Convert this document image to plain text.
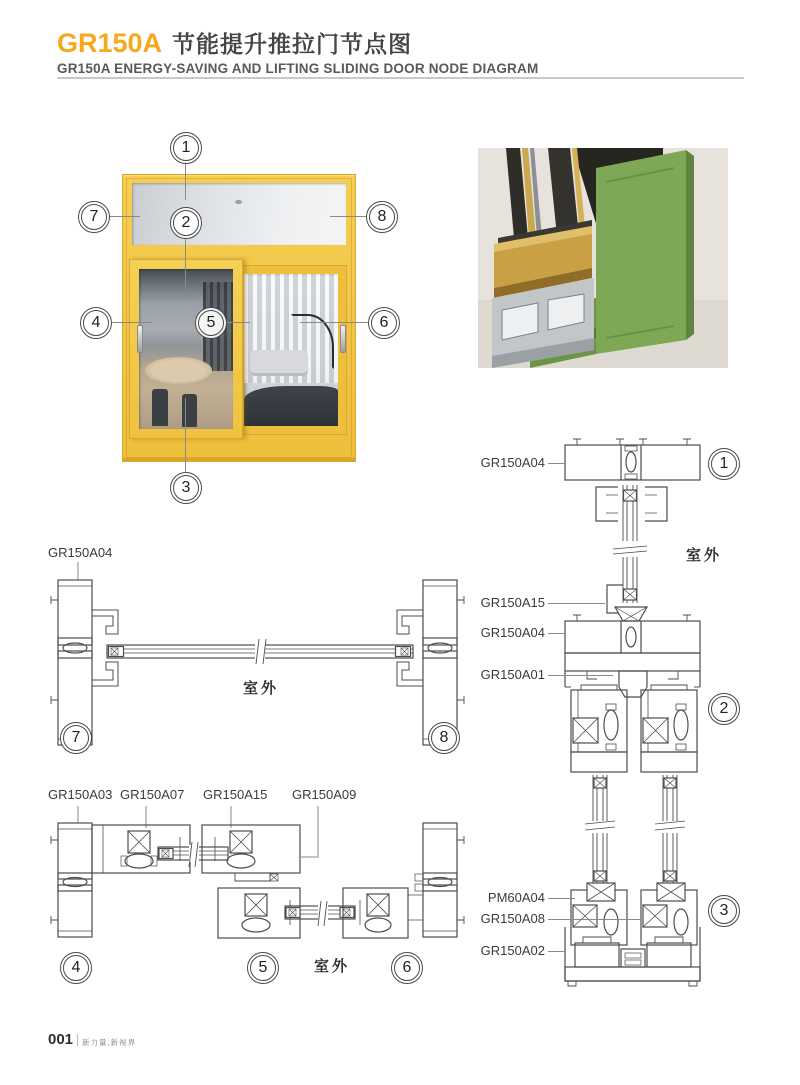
GR150A 节能提升推拉门节点图
GR150A ENERGY-SAVING AND LIFTING SLIDING DOOR NODE DIAGRAM
1
2
7	8
4	5	6
3
GR150A04
室外
GR150A15
GR150A04
GR150A01
PM60A04
GR150A08
GR150A02
1
2
3
GR150A04
室外
7	8
GR150A03 GR150A07 GR150A15 GR150A09
室外
4	5	6
001 新力量,新视界
